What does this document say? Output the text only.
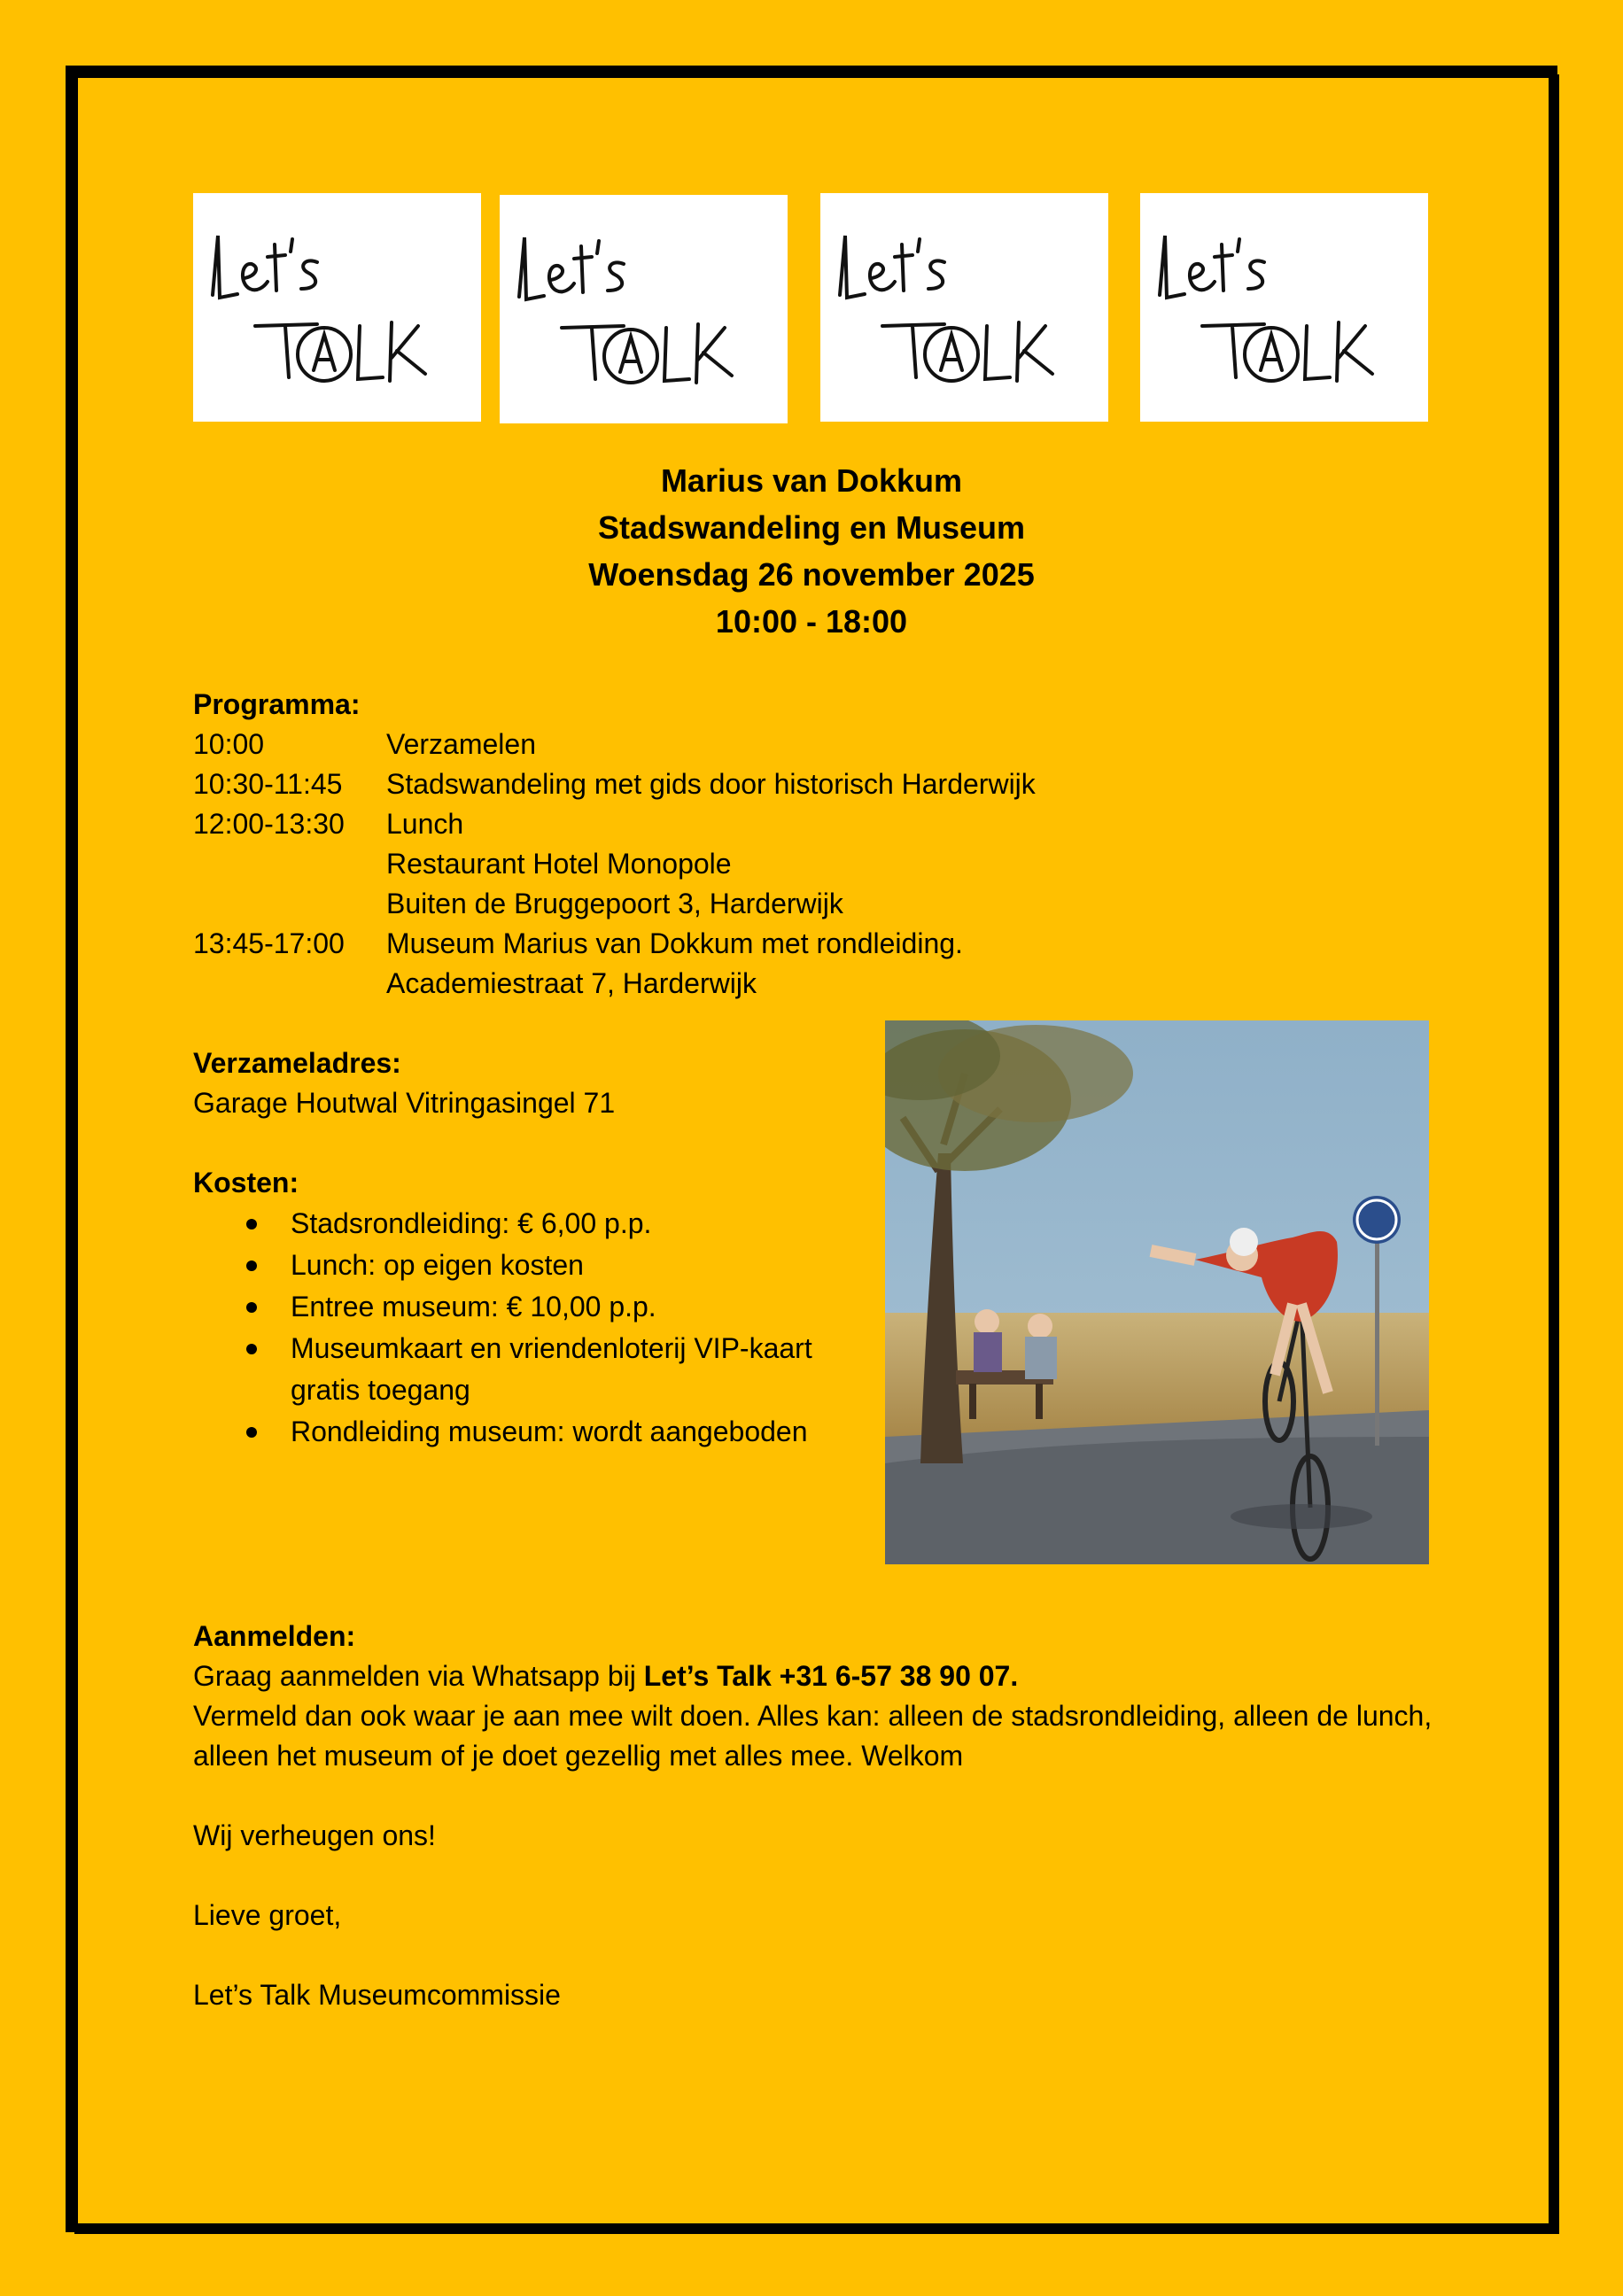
Marius van Dokkum
Stadswandeling en Museum
Woensdag 26 november 2025
10:00 - 18:00
Programma:
10:00	Verzamelen
10:30-11:45	Stadswandeling met gids door historisch Harderwijk
12:00-13:30	Lunch
Restaurant Hotel Monopole
Buiten de Bruggepoort 3, Harderwijk
13:45-17:00	Museum Marius van Dokkum met rondleiding.
Academiestraat 7, Harderwijk
Verzameladres:
Garage Houtwal Vitringasingel 71
Kosten:
Stadsrondleiding: € 6,00 p.p.
Lunch: op eigen kosten
Entree museum: € 10,00 p.p.
Museumkaart en vriendenloterij VIP-kaart gratis toegang
Rondleiding museum: wordt aangeboden
Aanmelden:
Graag aanmelden via Whatsapp bij Let’s Talk +31 6-57 38 90 07.
Vermeld dan ook waar je aan mee wilt doen. Alles kan: alleen de stadsrondleiding, alleen de lunch, alleen het museum of je doet gezellig met alles mee. Welkom
Wij verheugen ons!
Lieve groet,
Let’s Talk Museumcommissie
